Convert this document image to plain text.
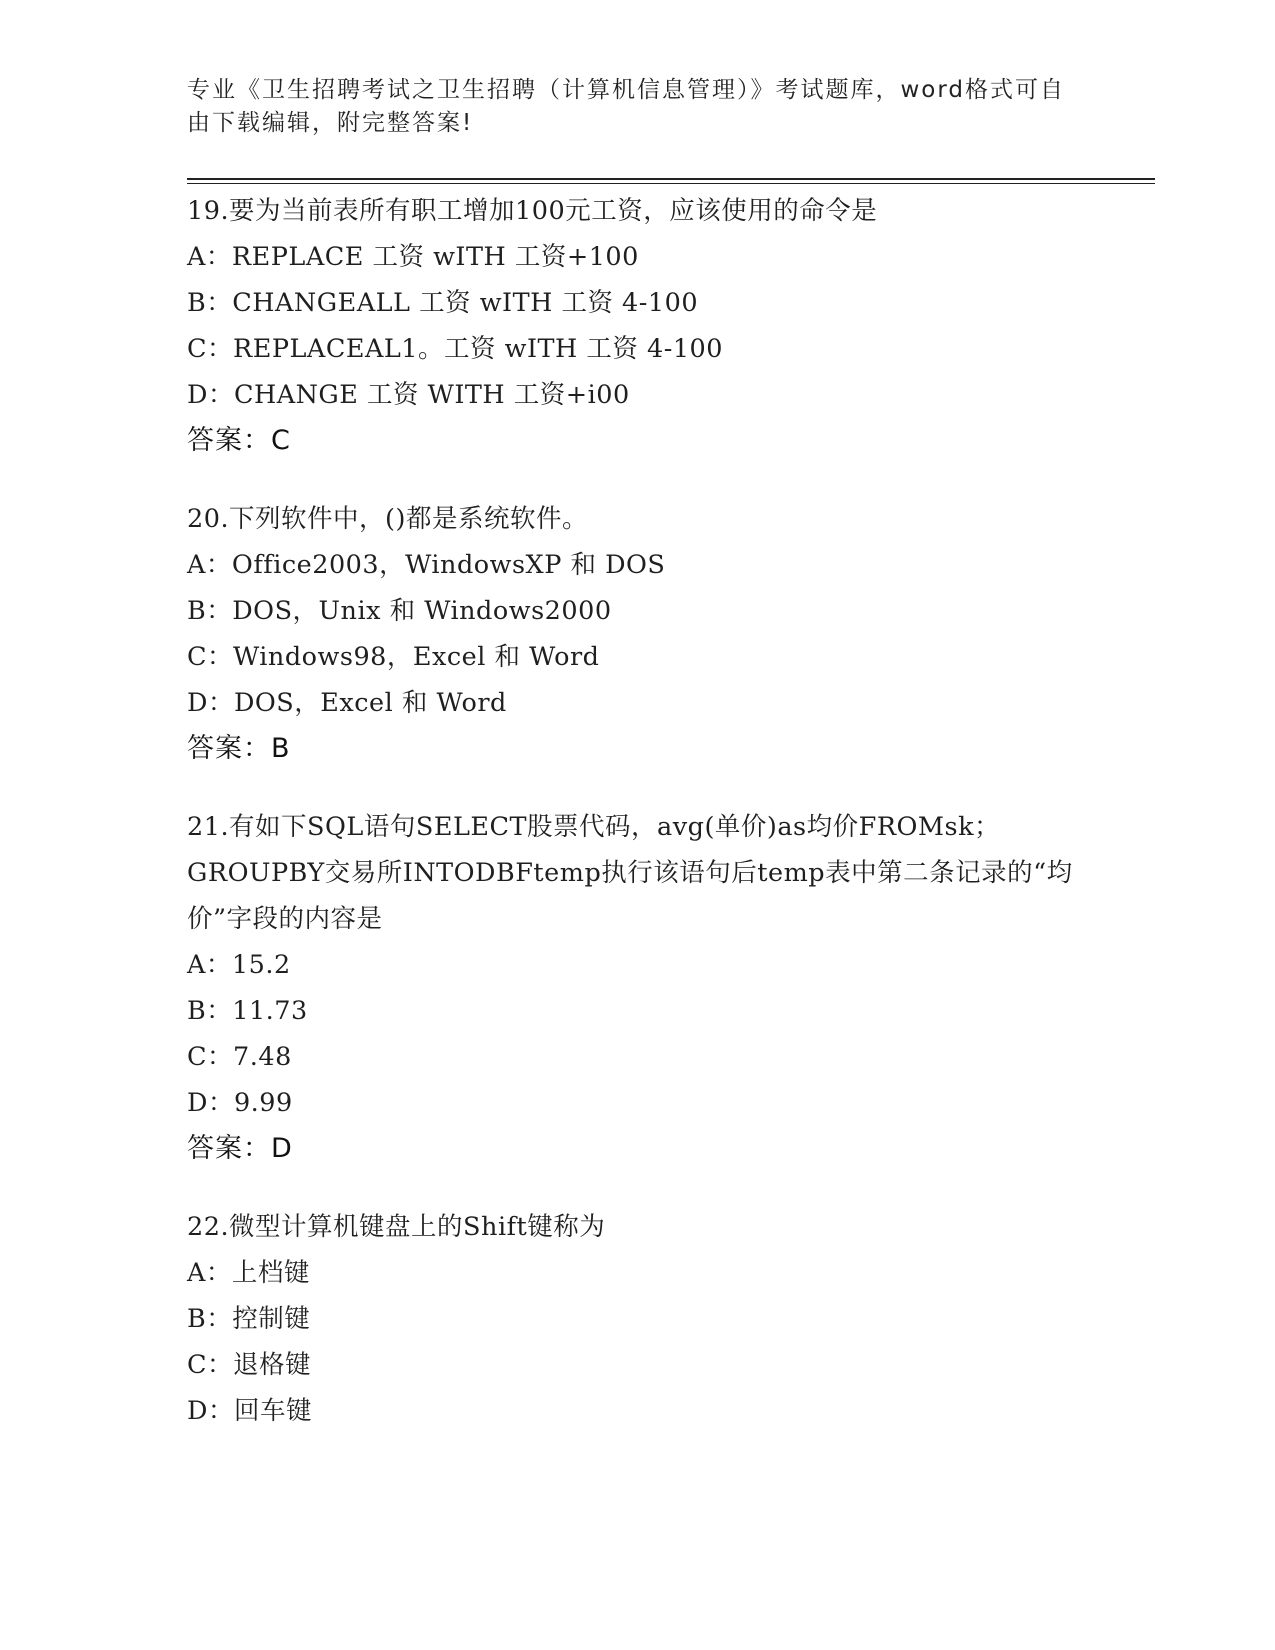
专业《卫生招聘考试之卫生招聘（计算机信息管理）》考试题库，word格式可自由下载编辑，附完整答案!
19.要为当前表所有职工增加100元工资，应该使用的命令是
A：REPLACE 工资 wITH 工资+100
B：CHANGEALL 工资 wITH 工资 4-100
C：REPLACEAL1。工资 wITH 工资 4-100
D：CHANGE 工资 WITH 工资+i00
答案：C
20.下列软件中，()都是系统软件。
A：Office2003，WindowsXP 和 DOS
B：DOS，Unix 和 Windows2000
C：Windows98，Excel 和 Word
D：DOS，Excel 和 Word
答案：B
21.有如下SQL语句SELECT股票代码，avg(单价)as均价FROMsk；GROUPBY交易所INTODBFtemp执行该语句后temp表中第二条记录的“均价”字段的内容是
A：15.2
B：11.73
C：7.48
D：9.99
答案：D
22.微型计算机键盘上的Shift键称为
A：上档键
B：控制键
C：退格键
D：回车键
